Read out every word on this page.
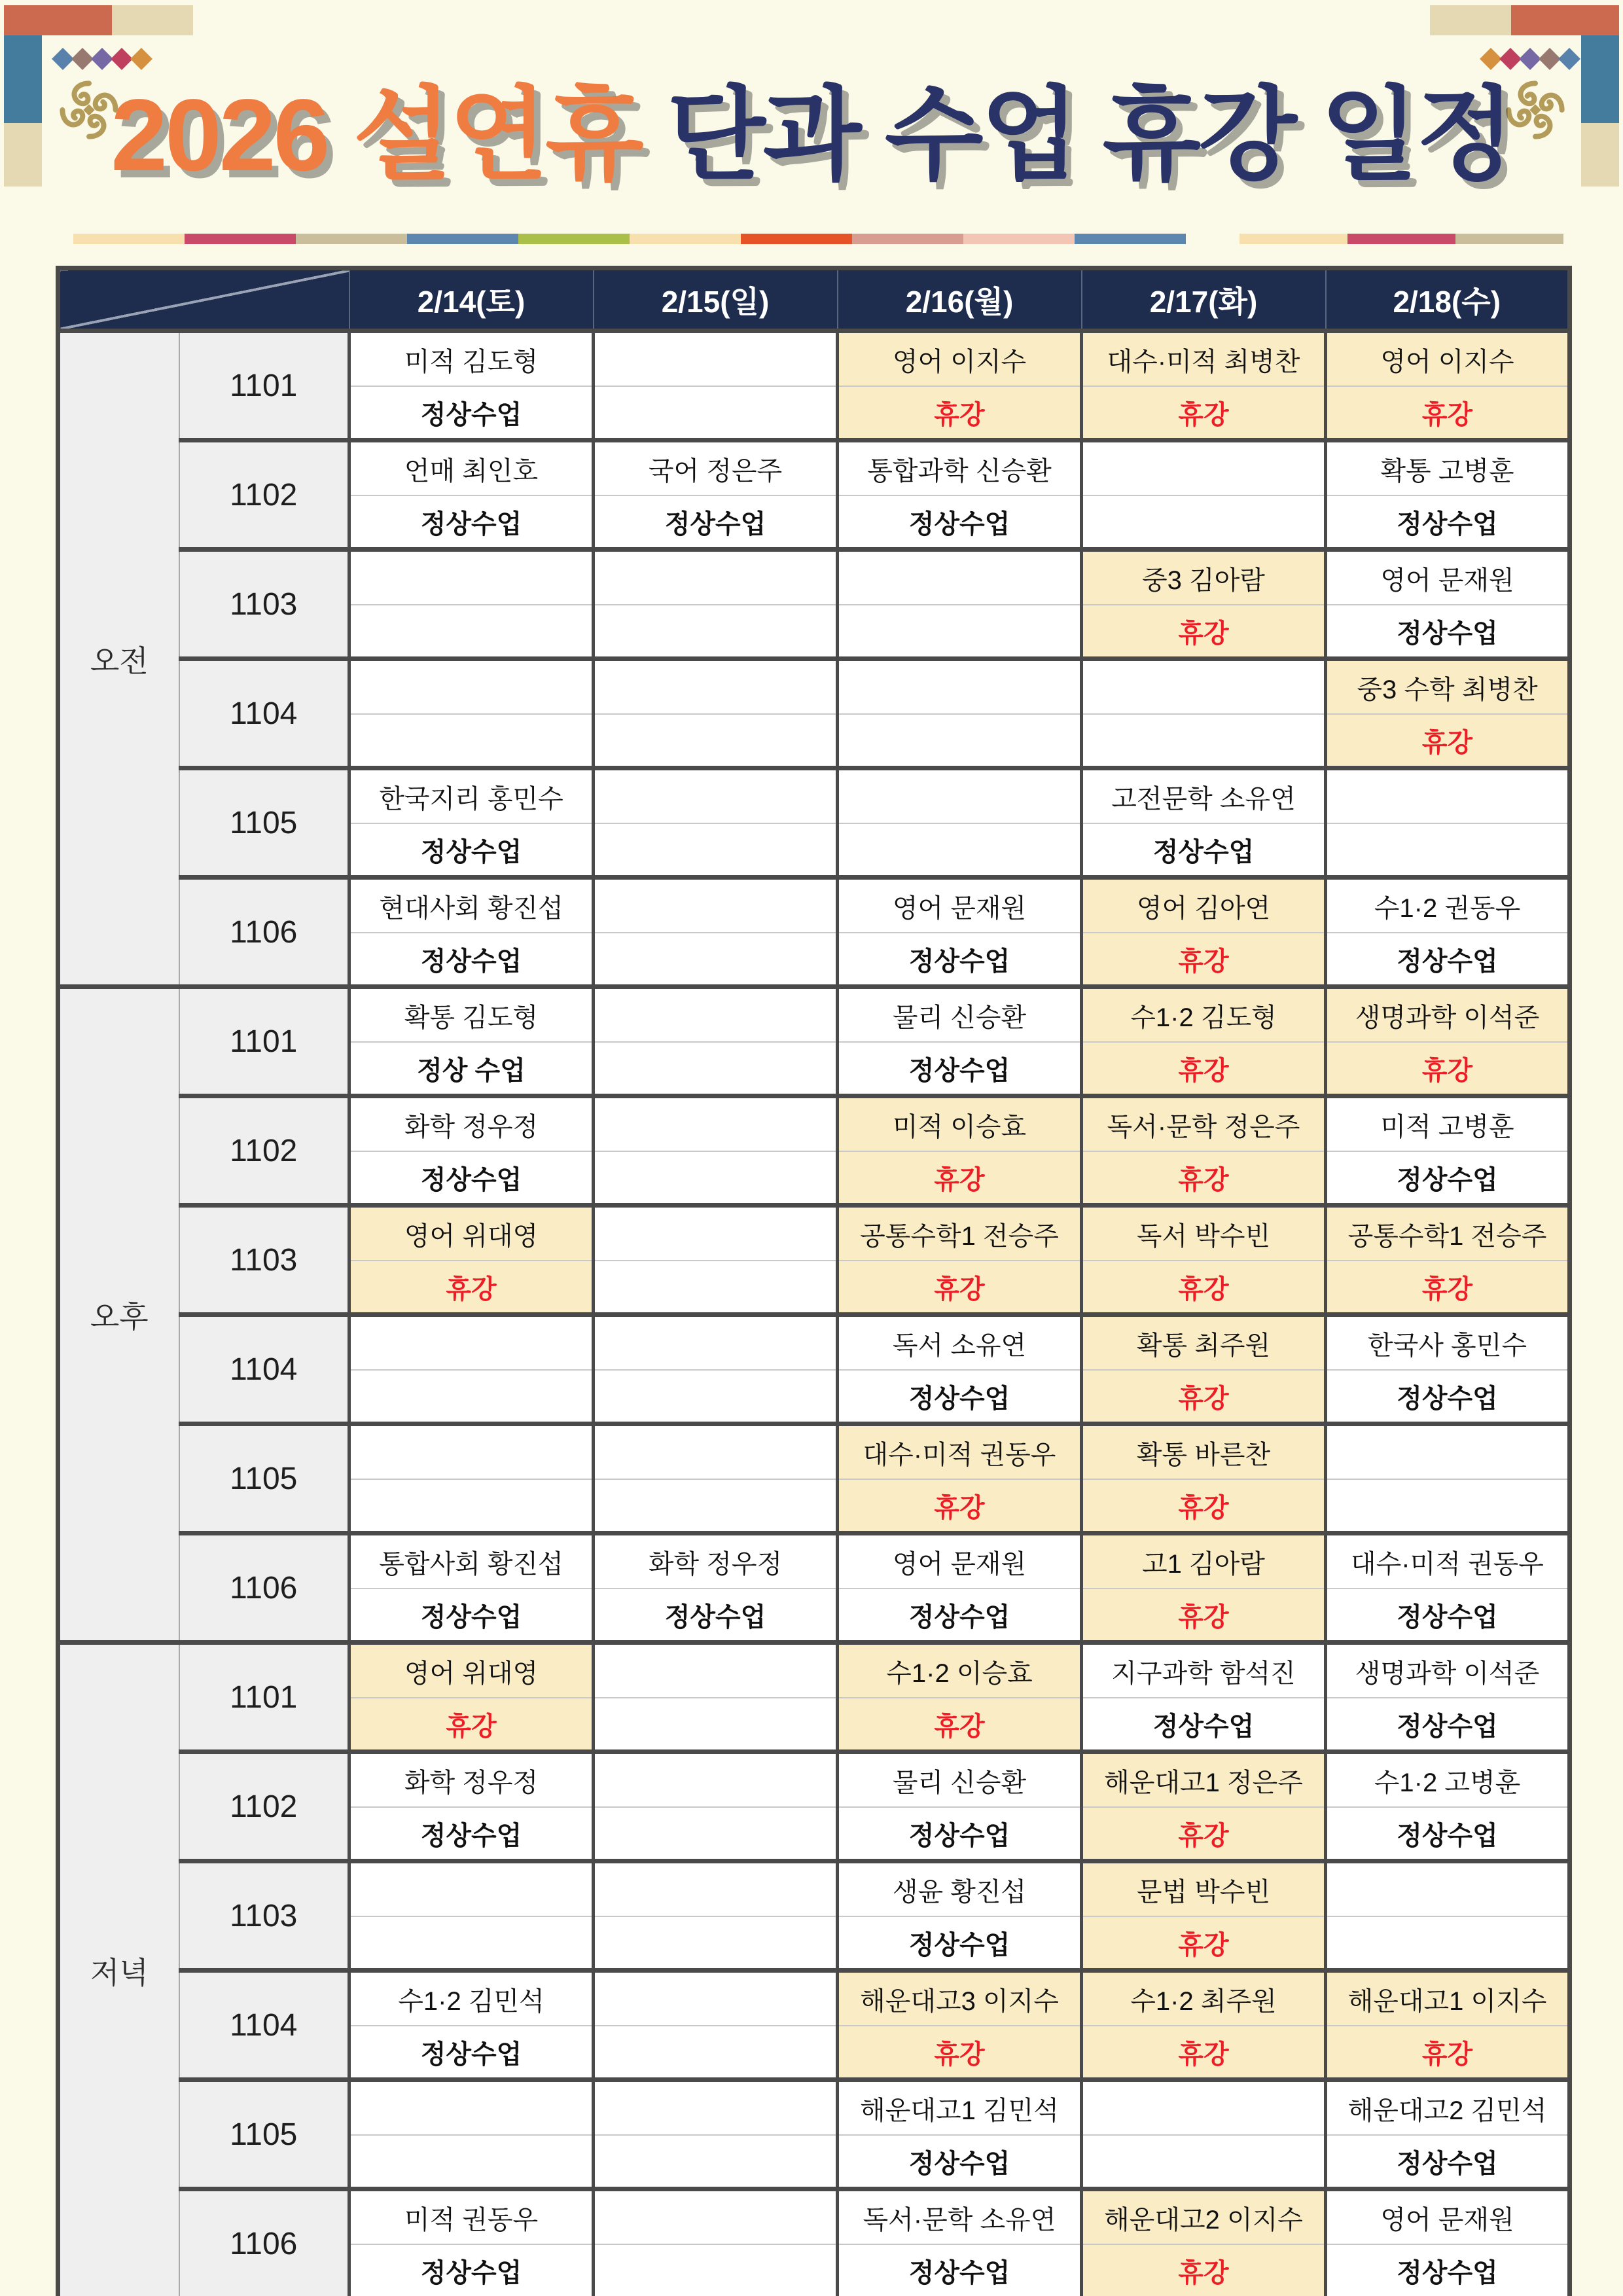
2026 설연휴 단과 수업 휴강 일정
		2/14(토)	2/15(일)	2/16(월)	2/17(화)	2/18(수)
오전	1101	미적 김도형		영어 이지수	대수·미적 최병찬	영어 이지수
		정상수업		휴강	휴강	휴강
	1102	언매 최인호	국어 정은주	통합과학 신승환		확통 고병훈
		정상수업	정상수업	정상수업		정상수업
	1103				중3 김아람	영어 문재원
					휴강	정상수업
	1104					중3 수학 최병찬
						휴강
	1105	한국지리 홍민수			고전문학 소유연	
		정상수업			정상수업	
	1106	현대사회 황진섭		영어 문재원	영어 김아연	수1·2 권동우
		정상수업		정상수업	휴강	정상수업
오후	1101	확통 김도형		물리 신승환	수1·2 김도형	생명과학 이석준
		정상 수업		정상수업	휴강	휴강
	1102	화학 정우정		미적 이승효	독서·문학 정은주	미적 고병훈
		정상수업		휴강	휴강	정상수업
	1103	영어 위대영		공통수학1 전승주	독서 박수빈	공통수학1 전승주
		휴강		휴강	휴강	휴강
	1104			독서 소유연	확통 최주원	한국사 홍민수
				정상수업	휴강	정상수업
	1105			대수·미적 권동우	확통 바른찬	
				휴강	휴강	
	1106	통합사회 황진섭	화학 정우정	영어 문재원	고1 김아람	대수·미적 권동우
		정상수업	정상수업	정상수업	휴강	정상수업
저녁	1101	영어 위대영		수1·2 이승효	지구과학 함석진	생명과학 이석준
		휴강		휴강	정상수업	정상수업
	1102	화학 정우정		물리 신승환	해운대고1 정은주	수1·2 고병훈
		정상수업		정상수업	휴강	정상수업
	1103			생윤 황진섭	문법 박수빈	
				정상수업	휴강	
	1104	수1·2 김민석		해운대고3 이지수	수1·2 최주원	해운대고1 이지수
		정상수업		휴강	휴강	휴강
	1105			해운대고1 김민석		해운대고2 김민석
				정상수업		정상수업
	1106	미적 권동우		독서·문학 소유연	해운대고2 이지수	영어 문재원
		정상수업		정상수업	휴강	정상수업
